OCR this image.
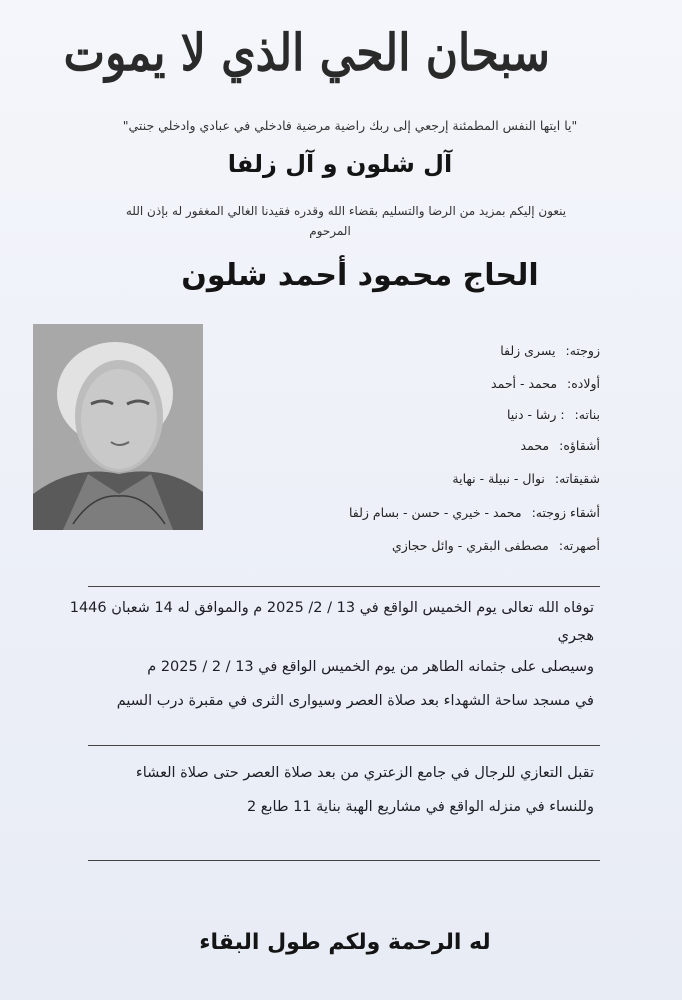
سبحان الحي الذي لا يموت
"يا ايتها النفس المطمئنة إرجعي إلى ربك راضية مرضية فادخلي في عبادي وادخلي جنتي"
آل شلون و آل زلفا
ينعون إليكم بمزيد من الرضا والتسليم بقضاء الله وقدره فقيدنا الغالي المغفور له بإذن الله
المرحوم
الحاج محمود أحمد شلون
زوجته:يسرى زلفا
أولاده:محمد - أحمد
بناته:: رشا - دنيا
أشقاؤه:محمد
شقيقاته:نوال - نبيلة - نهاية
أشقاء زوجته:محمد - خيري - حسن - بسام زلفا
أصهرته:مصطفى البقري - وائل حجازي
توفاه الله تعالى يوم الخميس الواقع في 13 / 2/ 2025 م والموافق له 14 شعبان 1446
هجري
وسيصلى على جثمانه الطاهر من يوم الخميس الواقع في 13 / 2 / 2025 م
في مسجد ساحة الشهداء بعد صلاة العصر وسيوارى الثرى في مقبرة درب السيم
تقبل التعازي للرجال في جامع الزعتري من بعد صلاة العصر حتى صلاة العشاء
وللنساء في منزله الواقع في مشاريع الهبة بناية 11 طابع 2
له الرحمة ولكم طول البقاء
